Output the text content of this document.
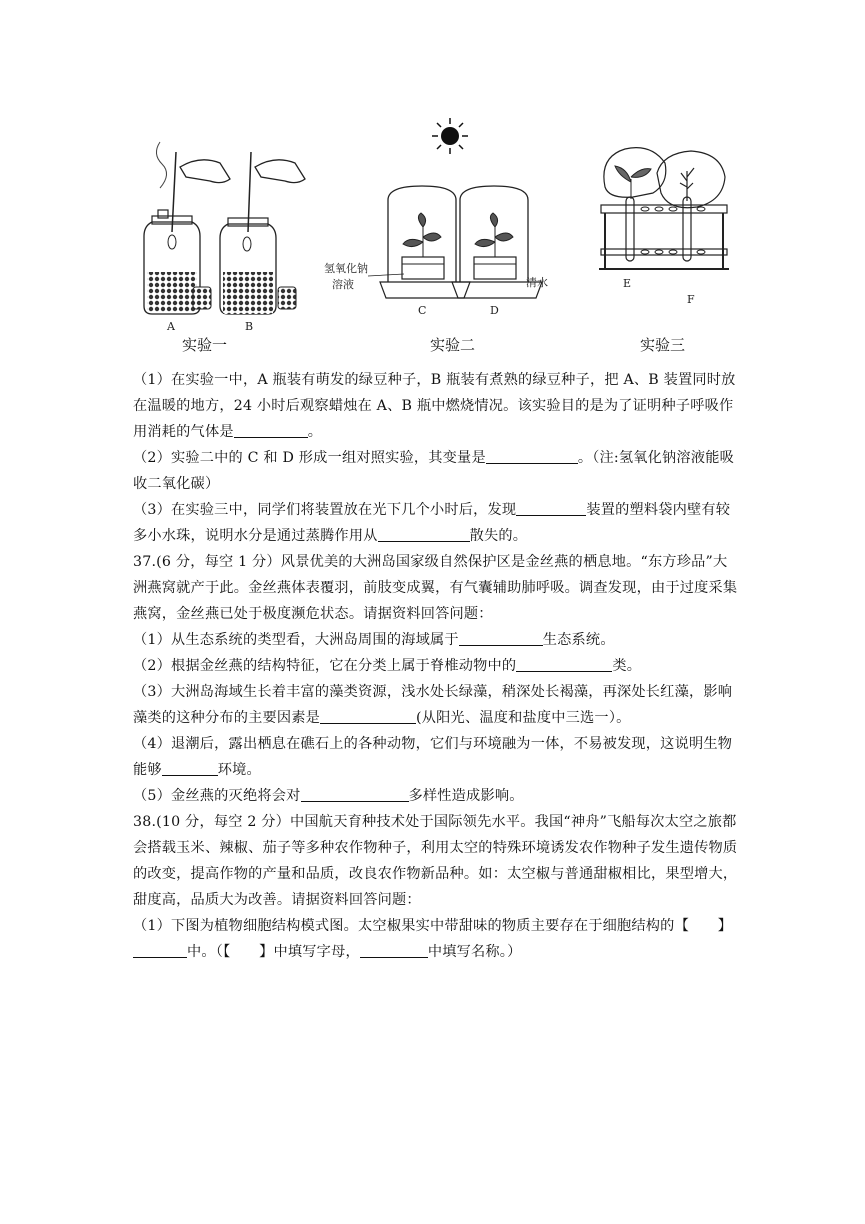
A	B
氢氧化钠
溶液	清水
C	D
E
F
实验一	实验二	实验三

（1）在实验一中，A 瓶装有萌发的绿豆种子，B 瓶装有煮熟的绿豆种子，把 A、B 装置同时放在温暖的地方，24 小时后观察蜡烛在 A、B 瓶中燃烧情况。该实验目的是为了证明种子呼吸作用消耗的气体是	。

（2）实验二中的 C 和 D 形成一组对照实验，其变量是	。（注:氢氧化钠溶液能吸收二氧化碳）

（3）在实验三中，同学们将装置放在光下几个小时后，发现	装置的塑料袋内壁有较多小水珠，说明水分是通过蒸腾作用从	散失的。

37.(6 分，每空 1 分）风景优美的大洲岛国家级自然保护区是金丝燕的栖息地。“东方珍品”大洲燕窝就产于此。金丝燕体表覆羽，前肢变成翼，有气囊辅助肺呼吸。调查发现，由于过度采集燕窝，金丝燕已处于极度濒危状态。请据资料回答问题：

（1）从生态系统的类型看，大洲岛周围的海域属于	生态系统。

（2）根据金丝燕的结构特征，它在分类上属于脊椎动物中的	类。

（3）大洲岛海域生长着丰富的藻类资源，浅水处长绿藻，稍深处长褐藻，再深处长红藻，影响藻类的这种分布的主要因素是	(从阳光、温度和盐度中三选一）。

（4）退潮后，露出栖息在礁石上的各种动物，它们与环境融为一体，不易被发现，这说明生物能够	环境。

（5）金丝燕的灭绝将会对	多样性造成影响。

38.(10 分，每空 2 分）中国航天育种技术处于国际领先水平。我国“神舟”飞船每次太空之旅都会搭载玉米、辣椒、茄子等多种农作物种子，利用太空的特殊环境诱发农作物种子发生遗传物质的改变，提高作物的产量和品质，改良农作物新品种。如：太空椒与普通甜椒相比，果型增大，甜度高，品质大为改善。请据资料回答问题：

（1）下图为植物细胞结构模式图。太空椒果实中带甜味的物质主要存在于细胞结构的【　　】中。（【　　】中填写字母，	中填写名称。）
